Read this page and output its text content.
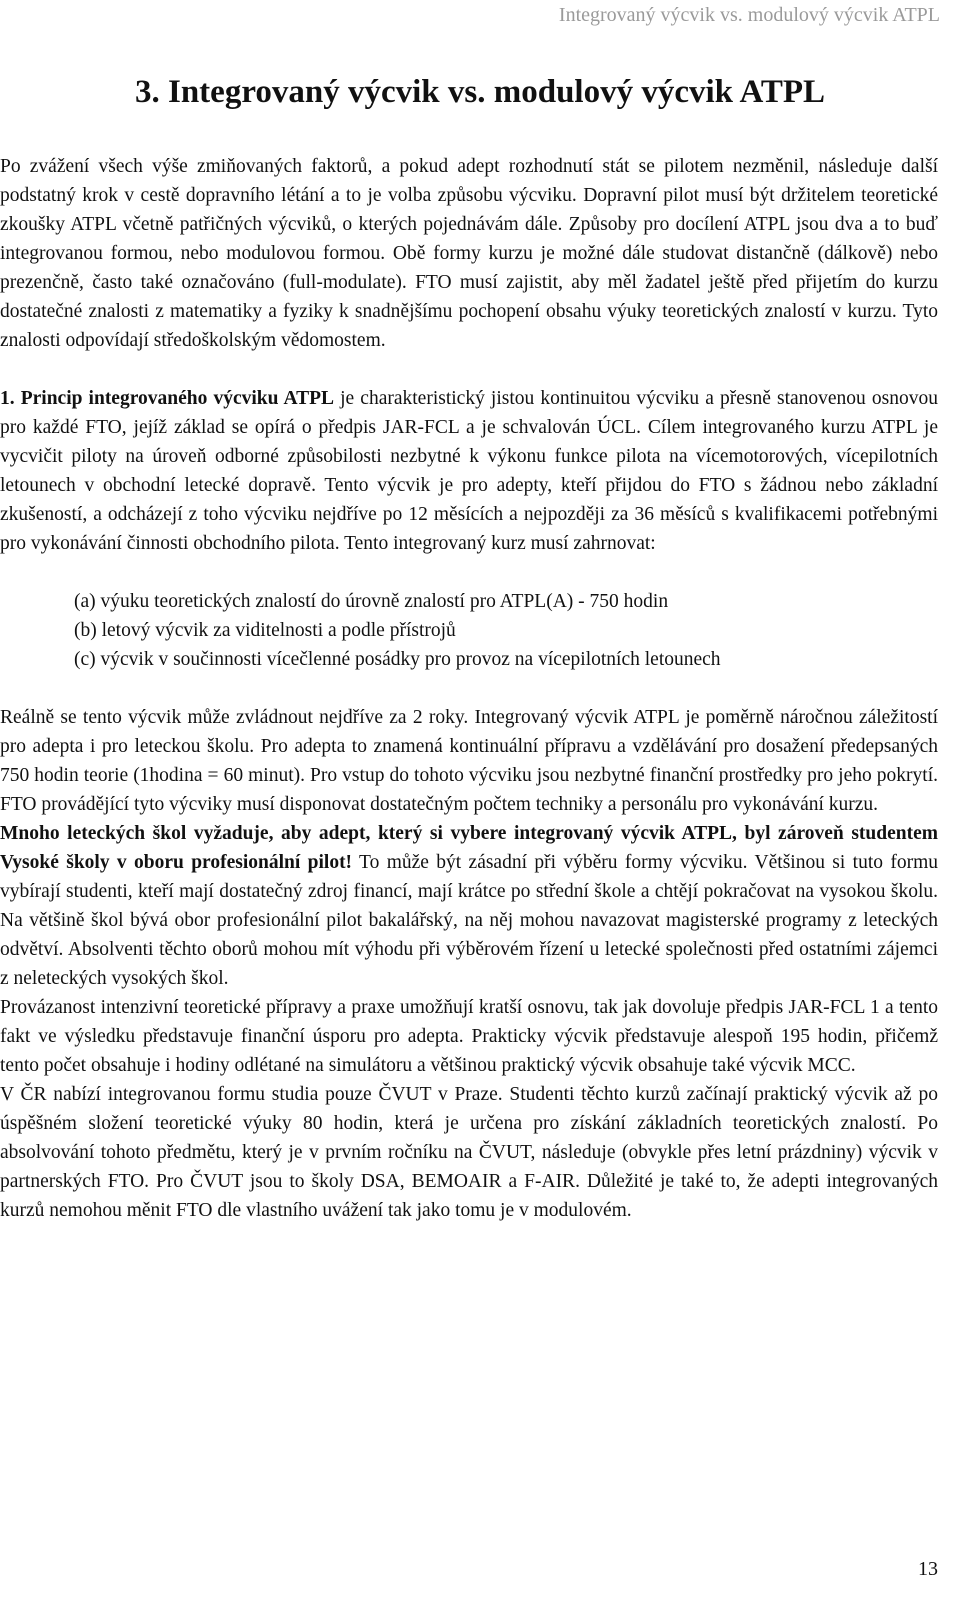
Integrovaný výcvik vs. modulový výcvik ATPL
3. Integrovaný výcvik vs. modulový výcvik ATPL

Po zvážení všech výše zmiňovaných faktorů, a pokud adept rozhodnutí stát se pilotem nezměnil, následuje další podstatný krok v cestě dopravního létání a to je volba způsobu výcviku. Dopravní pilot musí být držitelem teoretické zkoušky ATPL včetně patřičných výcviků, o kterých pojednávám dále. Způsoby pro docílení ATPL jsou dva a to buď integrovanou formou, nebo modulovou formou. Obě formy kurzu je možné dále studovat distančně (dálkově) nebo prezenčně, často také označováno (full-modulate). FTO musí zajistit, aby měl žadatel ještě před přijetím do kurzu dostatečné znalosti z matematiky a fyziky k snadnějšímu pochopení obsahu výuky teoretických znalostí v kurzu. Tyto znalosti odpovídají středoškolským vědomostem.

1. Princip integrovaného výcviku ATPL je charakteristický jistou kontinuitou výcviku a přesně stanovenou osnovou pro každé FTO, jejíž základ se opírá o předpis JAR-FCL a je schvalován ÚCL. Cílem integrovaného kurzu ATPL je vycvičit piloty na úroveň odborné způsobilosti nezbytné k výkonu funkce pilota na vícemotorových, vícepilotních letounech v obchodní letecké dopravě. Tento výcvik je pro adepty, kteří přijdou do FTO s žádnou nebo základní zkušeností, a odcházejí z toho výcviku nejdříve po 12 měsících a nejpozději za 36 měsíců s kvalifikacemi potřebnými pro vykonávání činnosti obchodního pilota. Tento integrovaný kurz musí zahrnovat:

(a) výuku teoretických znalostí do úrovně znalostí pro ATPL(A) - 750 hodin
(b) letový výcvik za viditelnosti a podle přístrojů
(c) výcvik v součinnosti vícečlenné posádky pro provoz na vícepilotních letounech

Reálně se tento výcvik může zvládnout nejdříve za 2 roky. Integrovaný výcvik ATPL je poměrně náročnou záležitostí pro adepta i pro leteckou školu. Pro adepta to znamená kontinuální přípravu a vzdělávání pro dosažení předepsaných 750 hodin teorie (1hodina = 60 minut). Pro vstup do tohoto výcviku jsou nezbytné finanční prostředky pro jeho pokrytí. FTO provádějící tyto výcviky musí disponovat dostatečným počtem techniky a personálu pro vykonávání kurzu.

Mnoho leteckých škol vyžaduje, aby adept, který si vybere integrovaný výcvik ATPL, byl zároveň studentem Vysoké školy v oboru profesionální pilot! To může být zásadní při výběru formy výcviku. Většinou si tuto formu vybírají studenti, kteří mají dostatečný zdroj financí, mají krátce po střední škole a chtějí pokračovat na vysokou školu. Na většině škol bývá obor profesionální pilot bakalářský, na něj mohou navazovat magisterské programy z leteckých odvětví. Absolventi těchto oborů mohou mít výhodu při výběrovém řízení u letecké společnosti před ostatními zájemci z neleteckých vysokých škol.

Provázanost intenzivní teoretické přípravy a praxe umožňují kratší osnovu, tak jak dovoluje předpis JAR-FCL 1 a tento fakt ve výsledku představuje finanční úsporu pro adepta. Prakticky výcvik představuje alespoň 195 hodin, přičemž tento počet obsahuje i hodiny odlétané na simulátoru a většinou praktický výcvik obsahuje také výcvik MCC.

V ČR nabízí integrovanou formu studia pouze ČVUT v Praze. Studenti těchto kurzů začínají praktický výcvik až po úspěšném složení teoretické výuky 80 hodin, která je určena pro získání základních teoretických znalostí. Po absolvování tohoto předmětu, který je v prvním ročníku na ČVUT, následuje (obvykle přes letní prázdniny) výcvik v partnerských FTO. Pro ČVUT jsou to školy DSA, BEMOAIR a F-AIR. Důležité je také to, že adepti integrovaných kurzů nemohou měnit FTO dle vlastního uvážení tak jako tomu je v modulovém.

13
